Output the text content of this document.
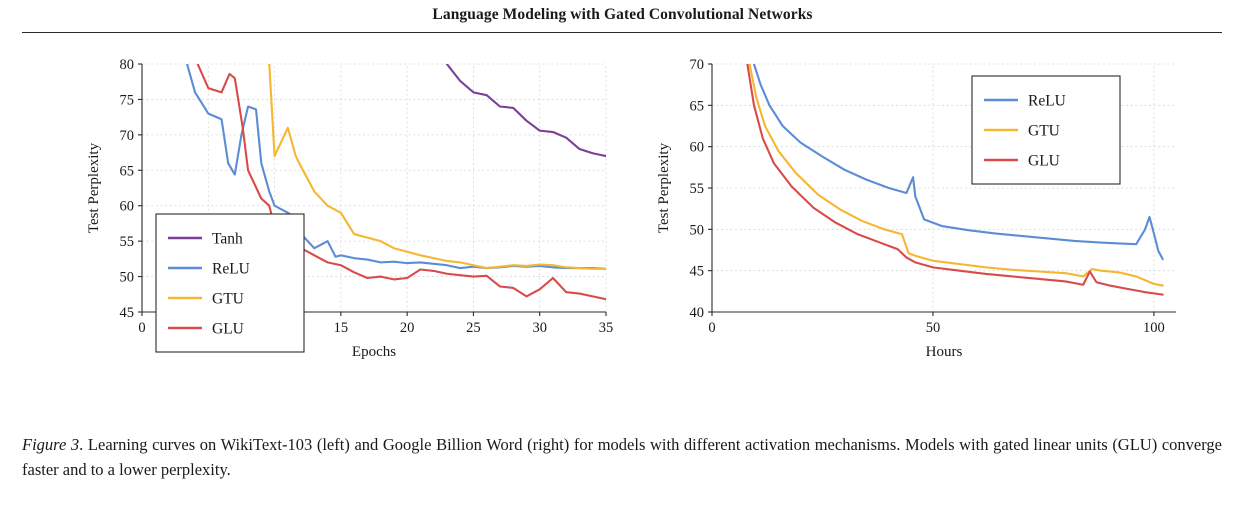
Language Modeling with Gated Convolutional Networks
45
50
55
60
65
70
75
80
0	15	20	25	30	35
Epochs
Test Perplexity
Tanh
ReLU
GTU
GLU
40
45
50
55
60
65
70
0	50	100
Hours
Test Perplexity
ReLU
GTU
GLU
Figure 3. Learning curves on WikiText-103 (left) and Google Billion Word (right) for models with different activation mechanisms. Models with gated linear units (GLU) converge faster and to a lower perplexity.
